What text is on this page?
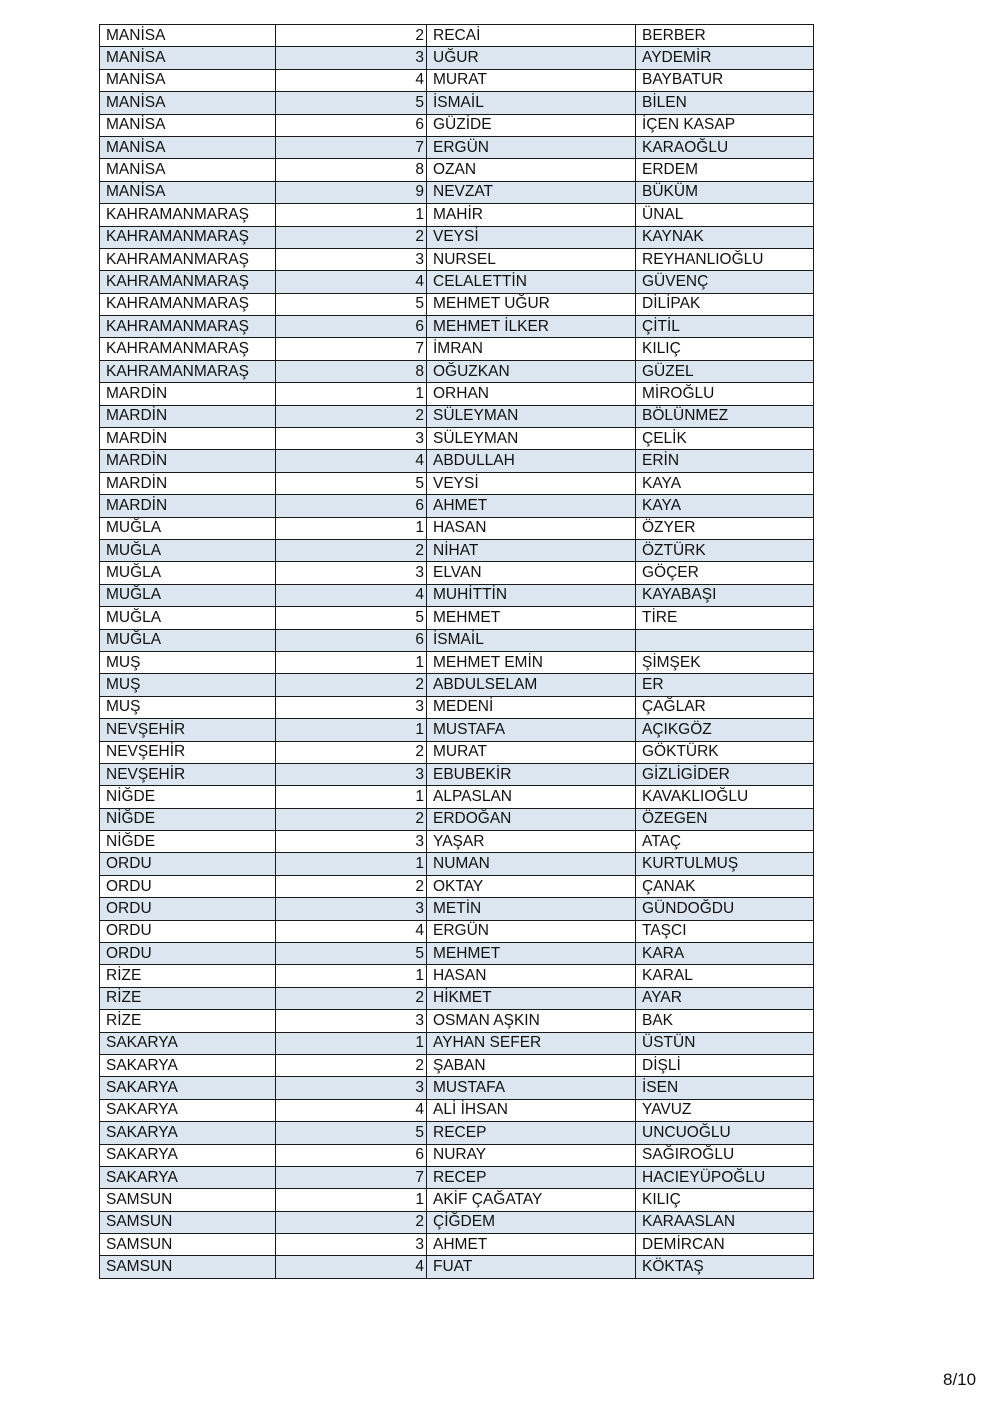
MANİSA	2	RECAİ	BERBER
MANİSA	3	UĞUR	AYDEMİR
MANİSA	4	MURAT	BAYBATUR
MANİSA	5	İSMAİL	BİLEN
MANİSA	6	GÜZİDE	İÇEN KASAP
MANİSA	7	ERGÜN	KARAOĞLU
MANİSA	8	OZAN	ERDEM
MANİSA	9	NEVZAT	BÜKÜM
KAHRAMANMARAŞ	1	MAHİR	ÜNAL
KAHRAMANMARAŞ	2	VEYSİ	KAYNAK
KAHRAMANMARAŞ	3	NURSEL	REYHANLIOĞLU
KAHRAMANMARAŞ	4	CELALETTİN	GÜVENÇ
KAHRAMANMARAŞ	5	MEHMET UĞUR	DİLİPAK
KAHRAMANMARAŞ	6	MEHMET İLKER	ÇİTİL
KAHRAMANMARAŞ	7	İMRAN	KILIÇ
KAHRAMANMARAŞ	8	OĞUZKAN	GÜZEL
MARDİN	1	ORHAN	MİROĞLU
MARDİN	2	SÜLEYMAN	BÖLÜNMEZ
MARDİN	3	SÜLEYMAN	ÇELİK
MARDİN	4	ABDULLAH	ERİN
MARDİN	5	VEYSİ	KAYA
MARDİN	6	AHMET	KAYA
MUĞLA	1	HASAN	ÖZYER
MUĞLA	2	NİHAT	ÖZTÜRK
MUĞLA	3	ELVAN	GÖÇER
MUĞLA	4	MUHİTTİN	KAYABAŞI
MUĞLA	5	MEHMET	TİRE
MUĞLA	6	İSMAİL	
MUŞ	1	MEHMET EMİN	ŞİMŞEK
MUŞ	2	ABDULSELAM	ER
MUŞ	3	MEDENİ	ÇAĞLAR
NEVŞEHİR	1	MUSTAFA	AÇIKGÖZ
NEVŞEHİR	2	MURAT	GÖKTÜRK
NEVŞEHİR	3	EBUBEKİR	GİZLİGİDER
NİĞDE	1	ALPASLAN	KAVAKLIOĞLU
NİĞDE	2	ERDOĞAN	ÖZEGEN
NİĞDE	3	YAŞAR	ATAÇ
ORDU	1	NUMAN	KURTULMUŞ
ORDU	2	OKTAY	ÇANAK
ORDU	3	METİN	GÜNDOĞDU
ORDU	4	ERGÜN	TAŞCI
ORDU	5	MEHMET	KARA
RİZE	1	HASAN	KARAL
RİZE	2	HİKMET	AYAR
RİZE	3	OSMAN AŞKIN	BAK
SAKARYA	1	AYHAN SEFER	ÜSTÜN
SAKARYA	2	ŞABAN	DİŞLİ
SAKARYA	3	MUSTAFA	İSEN
SAKARYA	4	ALİ İHSAN	YAVUZ
SAKARYA	5	RECEP	UNCUOĞLU
SAKARYA	6	NURAY	SAĞIROĞLU
SAKARYA	7	RECEP	HACIEYÜPOĞLU
SAMSUN	1	AKİF ÇAĞATAY	KILIÇ
SAMSUN	2	ÇİĞDEM	KARAASLAN
SAMSUN	3	AHMET	DEMİRCAN
SAMSUN	4	FUAT	KÖKTAŞ
8/10
